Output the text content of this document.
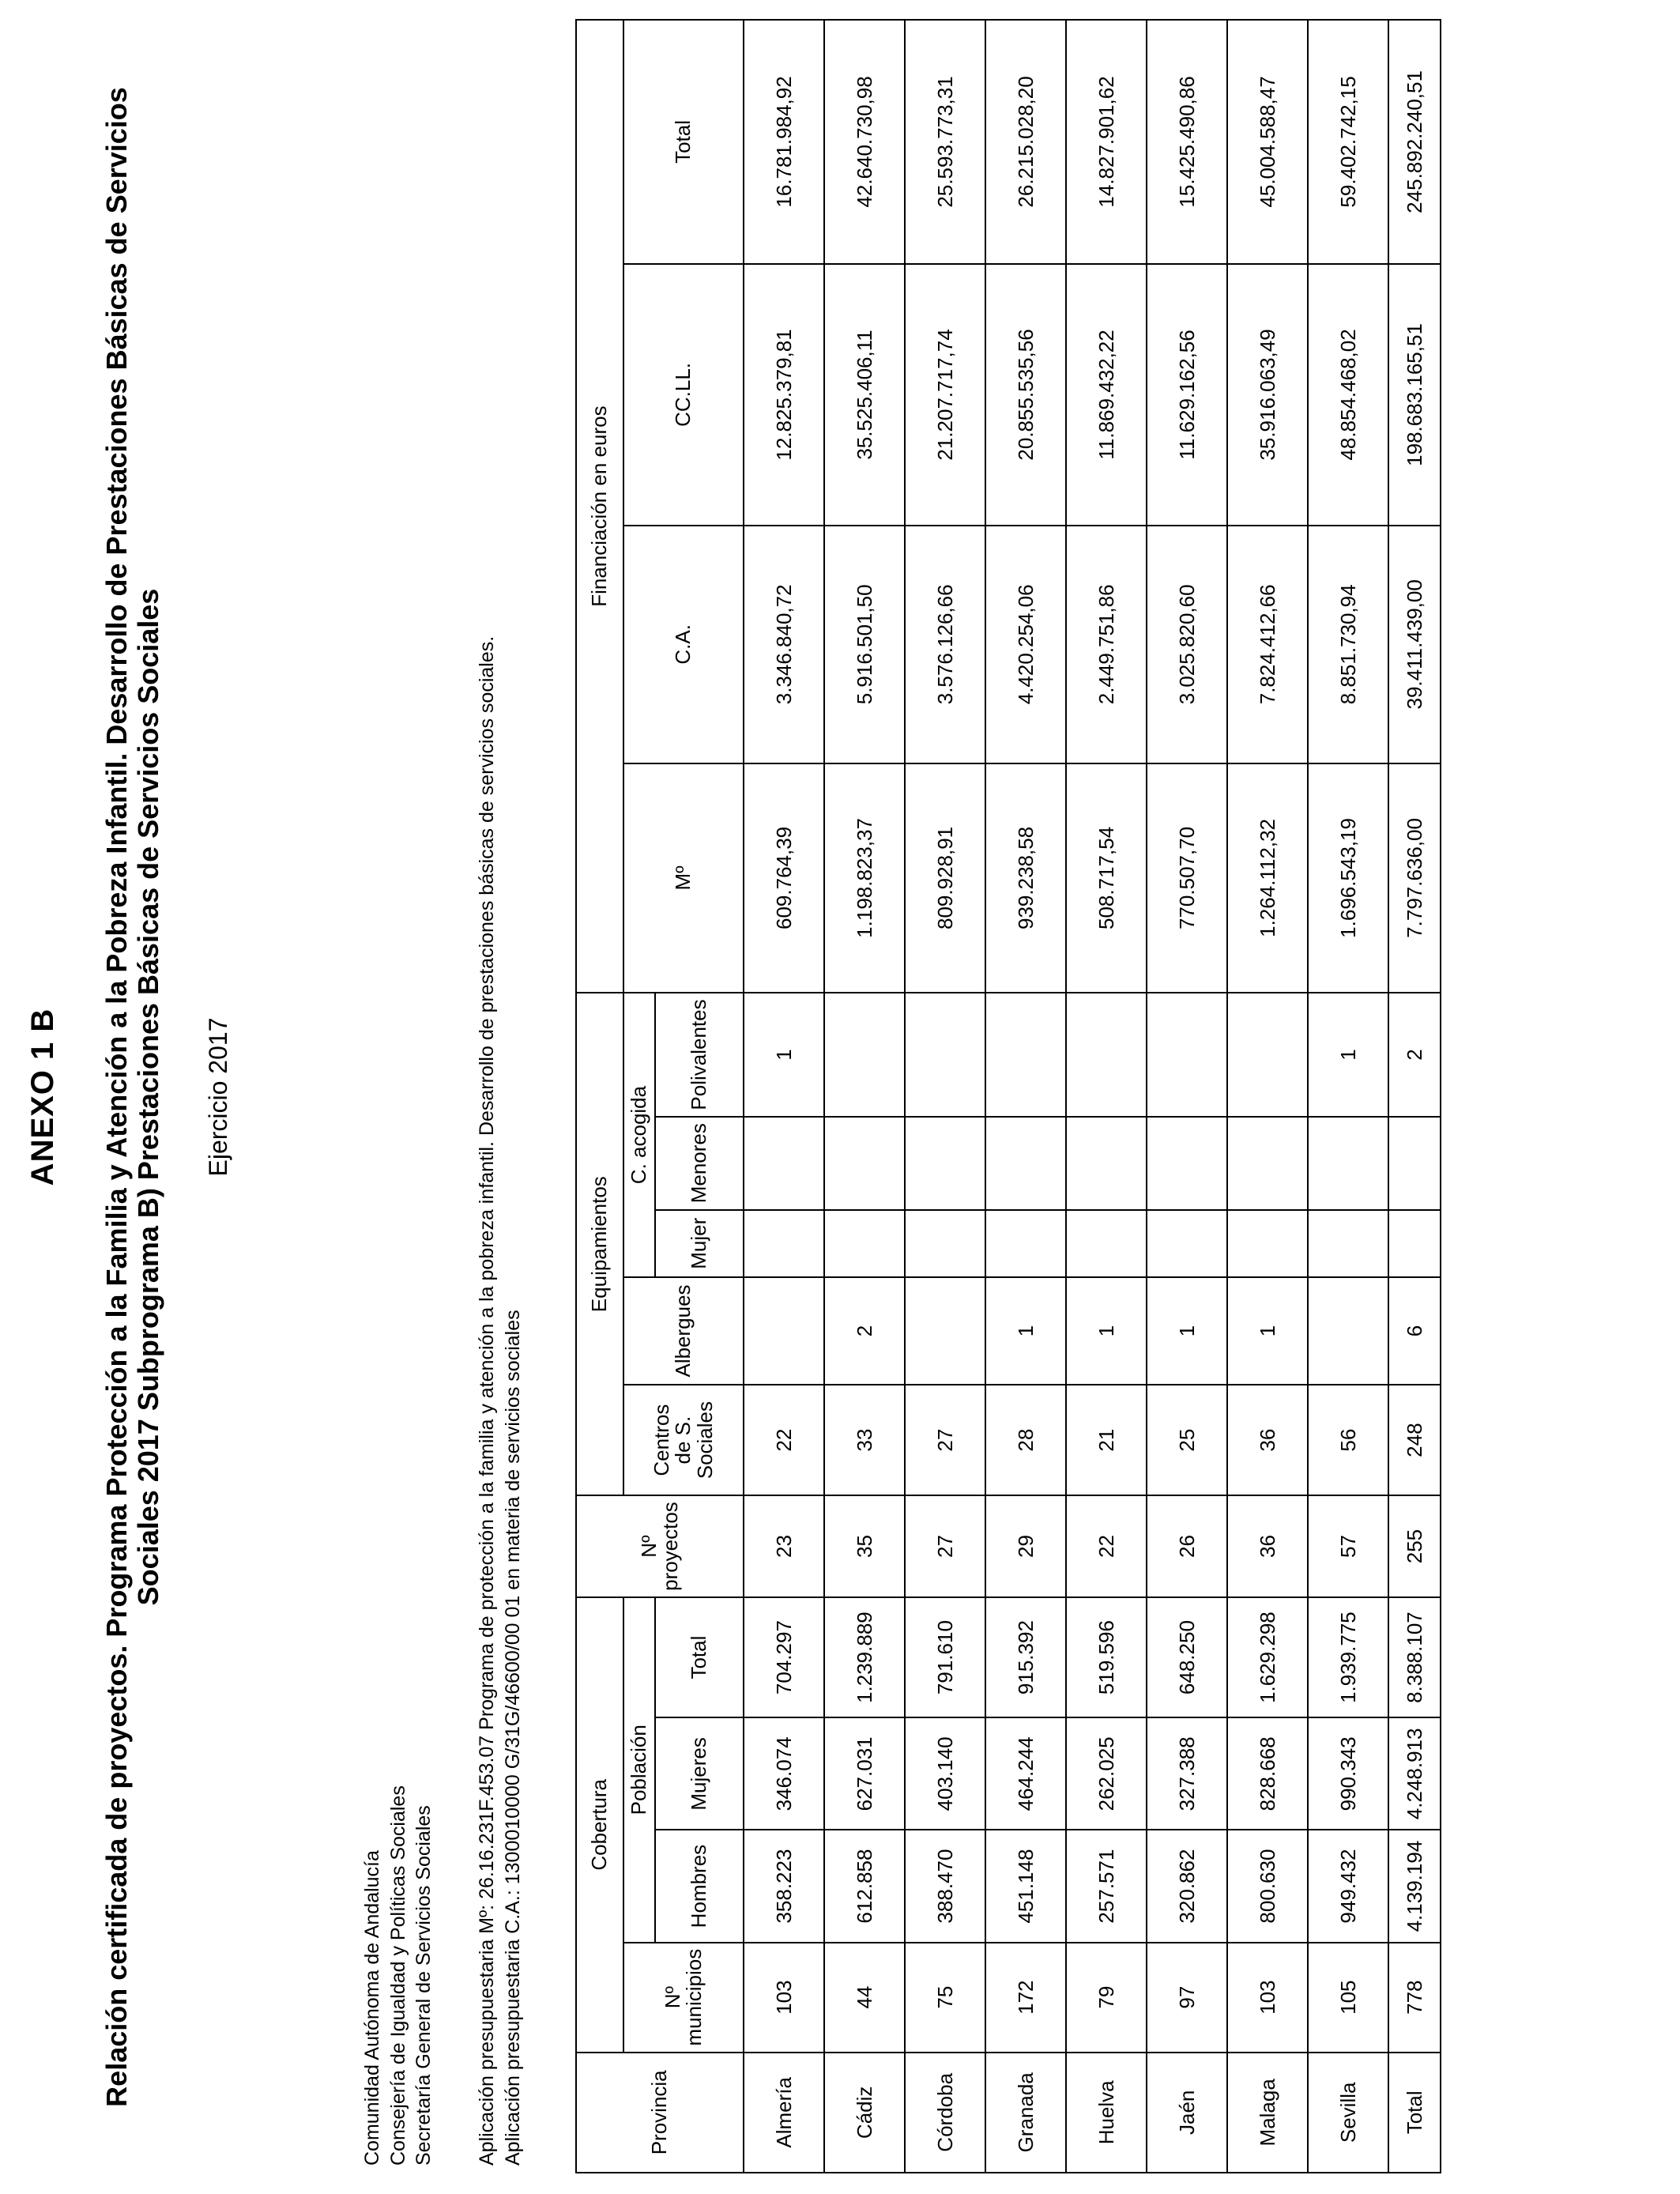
ANEXO 1 B Relación certificada de proyectos. Programa Protección a la Familia y Atención a la Pobreza Infantil. Desarrollo de Prestaciones Básicas de Servicios Sociales 2017 Subprograma B) Prestaciones Básicas de Servicios Sociales Ejercicio 2017
Comunidad Autónoma de Andalucía Consejería de Igualdad y Políticas Sociales Secretaría General de Servicios Sociales Aplicación presupuestaria Mº: 26.16.231F.453.07 Programa de protección a la familia y atención a la pobreza infantil. Desarrollo de prestaciones básicas de servicios sociales. Aplicación presupuestaria C.A.: 1300010000 G/31G/46600/00 01 en materia de servicios sociales	Provincia	Cobertura				Nº proyectos	Equipamientos					Financiación en euros			
	Nº municipios	Población				Centros de S. Sociales	Albergues	C. acogida			Mº	C.A.	CC.LL.	Total
		Hombres	Mujeres	Total				Mujer	Menores	Polivalentes				
Almería	103	358.223	346.074	704.297	23	22				1	609.764,39	3.346.840,72	12.825.379,81	16.781.984,92
Cádiz	44	612.858	627.031	1.239.889	35	33	2				1.198.823,37	5.916.501,50	35.525.406,11	42.640.730,98
Córdoba	75	388.470	403.140	791.610	27	27					809.928,91	3.576.126,66	21.207.717,74	25.593.773,31
Granada	172	451.148	464.244	915.392	29	28	1				939.238,58	4.420.254,06	20.855.535,56	26.215.028,20
Huelva	79	257.571	262.025	519.596	22	21	1				508.717,54	2.449.751,86	11.869.432,22	14.827.901,62
Jaén	97	320.862	327.388	648.250	26	25	1				770.507,70	3.025.820,60	11.629.162,56	15.425.490,86
Malaga	103	800.630	828.668	1.629.298	36	36	1				1.264.112,32	7.824.412,66	35.916.063,49	45.004.588,47
Sevilla	105	949.432	990.343	1.939.775	57	56				1	1.696.543,19	8.851.730,94	48.854.468,02	59.402.742,15
Total	778	4.139.194	4.248.913	8.388.107	255	248	6			2	7.797.636,00	39.411.439,00	198.683.165,51	245.892.240,51
